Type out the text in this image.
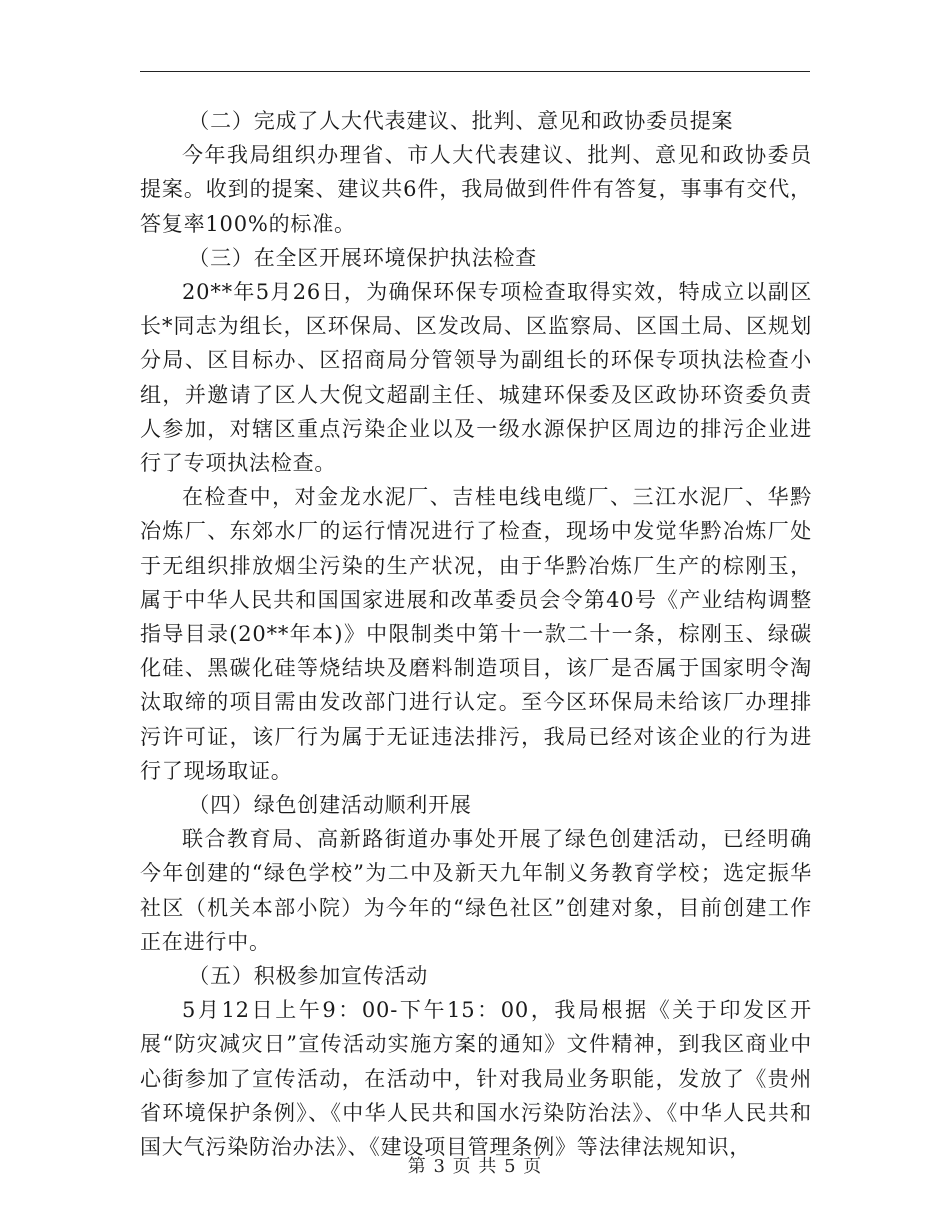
（二）完成了人大代表建议、批判、意见和政协委员提案

今年我局组织办理省、市人大代表建议、批判、意见和政协委员提案。收到的提案、建议共6件，我局做到件件有答复，事事有交代，答复率100%的标准。

（三）在全区开展环境保护执法检查

20**年5月26日，为确保环保专项检查取得实效，特成立以副区长*同志为组长，区环保局、区发改局、区监察局、区国土局、区规划分局、区目标办、区招商局分管领导为副组长的环保专项执法检查小组，并邀请了区人大倪文超副主任、城建环保委及区政协环资委负责人参加，对辖区重点污染企业以及一级水源保护区周边的排污企业进行了专项执法检查。

在检查中，对金龙水泥厂、吉桂电线电缆厂、三江水泥厂、华黔冶炼厂、东郊水厂的运行情况进行了检查，现场中发觉华黔冶炼厂处于无组织排放烟尘污染的生产状况，由于华黔冶炼厂生产的棕刚玉，属于中华人民共和国国家进展和改革委员会令第40号《产业结构调整指导目录(20**年本)》中限制类中第十一款二十一条，棕刚玉、绿碳化硅、黑碳化硅等烧结块及磨料制造项目，该厂是否属于国家明令淘汰取缔的项目需由发改部门进行认定。至今区环保局未给该厂办理排污许可证，该厂行为属于无证违法排污，我局已经对该企业的行为进行了现场取证。

（四）绿色创建活动顺利开展

联合教育局、高新路街道办事处开展了绿色创建活动，已经明确今年创建的“绿色学校”为二中及新天九年制义务教育学校；选定振华社区（机关本部小院）为今年的“绿色社区”创建对象，目前创建工作正在进行中。

（五）积极参加宣传活动

5月12日上午9：00-下午15：00，我局根据《关于印发区开展“防灾减灾日”宣传活动实施方案的通知》文件精神，到我区商业中心街参加了宣传活动，在活动中，针对我局业务职能，发放了《贵州省环境保护条例》、《中华人民共和国水污染防治法》、《中华人民共和国大气污染防治办法》、《建设项目管理条例》等法律法规知识，

第 3 页 共 5 页
